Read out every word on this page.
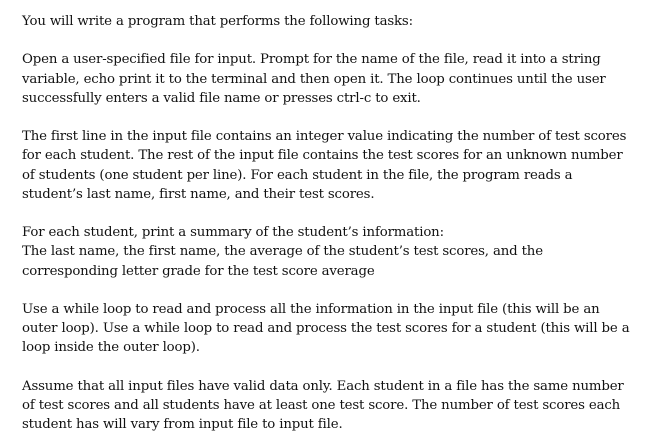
You will write a program that performs the following tasks:

Open a user-specified file for input. Prompt for the name of the file, read it into a string
variable, echo print it to the terminal and then open it. The loop continues until the user
successfully enters a valid file name or presses ctrl-c to exit.

The first line in the input file contains an integer value indicating the number of test scores
for each student. The rest of the input file contains the test scores for an unknown number
of students (one student per line). For each student in the file, the program reads a
student’s last name, first name, and their test scores.

For each student, print a summary of the student’s information:
The last name, the first name, the average of the student’s test scores, and the
corresponding letter grade for the test score average

Use a while loop to read and process all the information in the input file (this will be an
outer loop). Use a while loop to read and process the test scores for a student (this will be a
loop inside the outer loop).

Assume that all input files have valid data only. Each student in a file has the same number
of test scores and all students have at least one test score. The number of test scores each
student has will vary from input file to input file.
